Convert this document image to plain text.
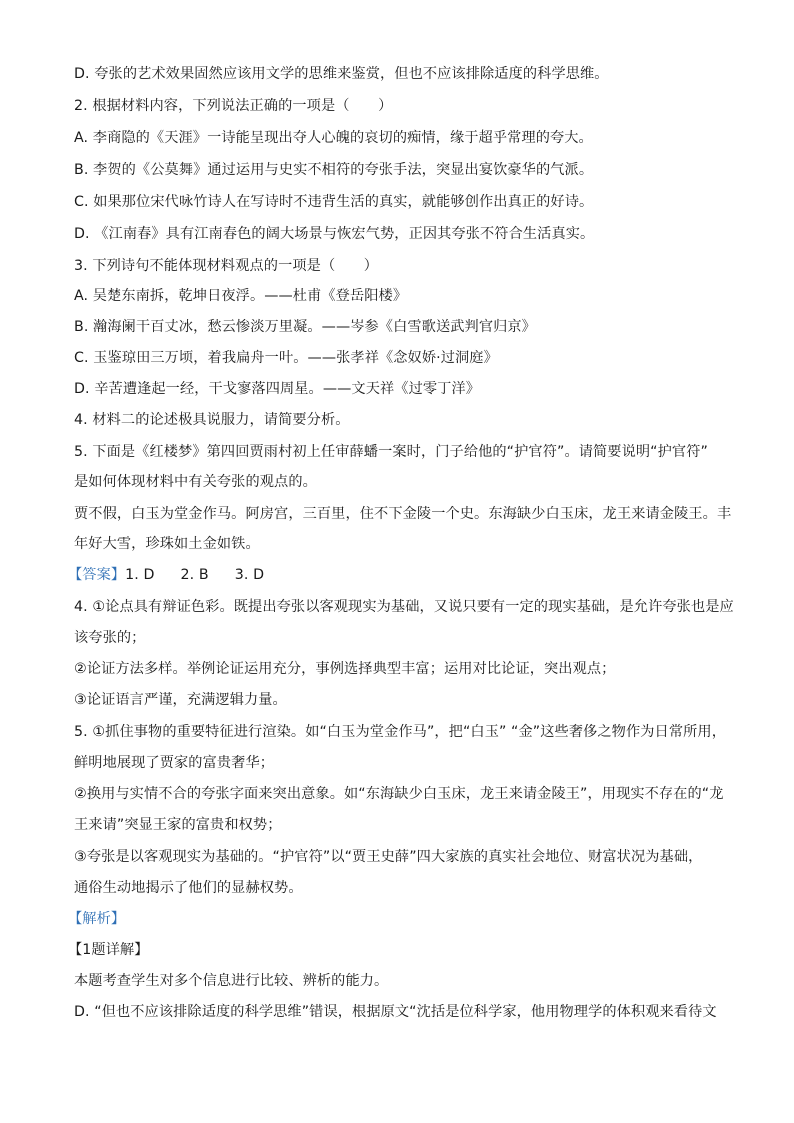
D. 夸张的艺术效果固然应该用文学的思维来鉴赏，但也不应该排除适度的科学思维。
2. 根据材料内容，下列说法正确的一项是（　　）
A. 李商隐的《天涯》一诗能呈现出夺人心魄的哀切的痴情，缘于超乎常理的夸大。
B. 李贺的《公莫舞》通过运用与史实不相符的夸张手法，突显出宴饮豪华的气派。
C. 如果那位宋代咏竹诗人在写诗时不违背生活的真实，就能够创作出真正的好诗。
D. 《江南春》具有江南春色的阔大场景与恢宏气势，正因其夸张不符合生活真实。
3. 下列诗句不能体现材料观点的一项是（　　）
A. 吴楚东南拆，乾坤日夜浮。——杜甫《登岳阳楼》
B. 瀚海阑干百丈冰，愁云惨淡万里凝。——岑参《白雪歌送武判官归京》
C. 玉鉴琼田三万顷，着我扁舟一叶。——张孝祥《念奴娇·过洞庭》
D. 辛苦遭逢起一经，干戈寥落四周星。——文天祥《过零丁洋》
4. 材料二的论述极具说服力，请简要分析。
5. 下面是《红楼梦》第四回贾雨村初上任审薛蟠一案时，门子给他的“护官符”。请简要说明“护官符”
是如何体现材料中有关夸张的观点的。
贾不假，白玉为堂金作马。阿房宫，三百里，住不下金陵一个史。东海缺少白玉床，龙王来请金陵王。丰
年好大雪，珍珠如土金如铁。
【答案】1. D 2. B 3. D
4. ①论点具有辩证色彩。既提出夸张以客观现实为基础，又说只要有一定的现实基础，是允许夸张也是应
该夸张的；
②论证方法多样。举例论证运用充分，事例选择典型丰富；运用对比论证，突出观点；
③论证语言严谨，充满逻辑力量。
5. ①抓住事物的重要特征进行渲染。如“白玉为堂金作马”，把“白玉” “金”这些奢侈之物作为日常所用，
鲜明地展现了贾家的富贵奢华；
②换用与实情不合的夸张字面来突出意象。如“东海缺少白玉床，龙王来请金陵王”，用现实不存在的“龙
王来请”突显王家的富贵和权势；
③夸张是以客观现实为基础的。“护官符”以“贾王史薛”四大家族的真实社会地位、财富状况为基础，
通俗生动地揭示了他们的显赫权势。
【解析】
【1题详解】
本题考查学生对多个信息进行比较、辨析的能力。
D. “但也不应该排除适度的科学思维”错误，根据原文“沈括是位科学家，他用物理学的体积观来看待文
